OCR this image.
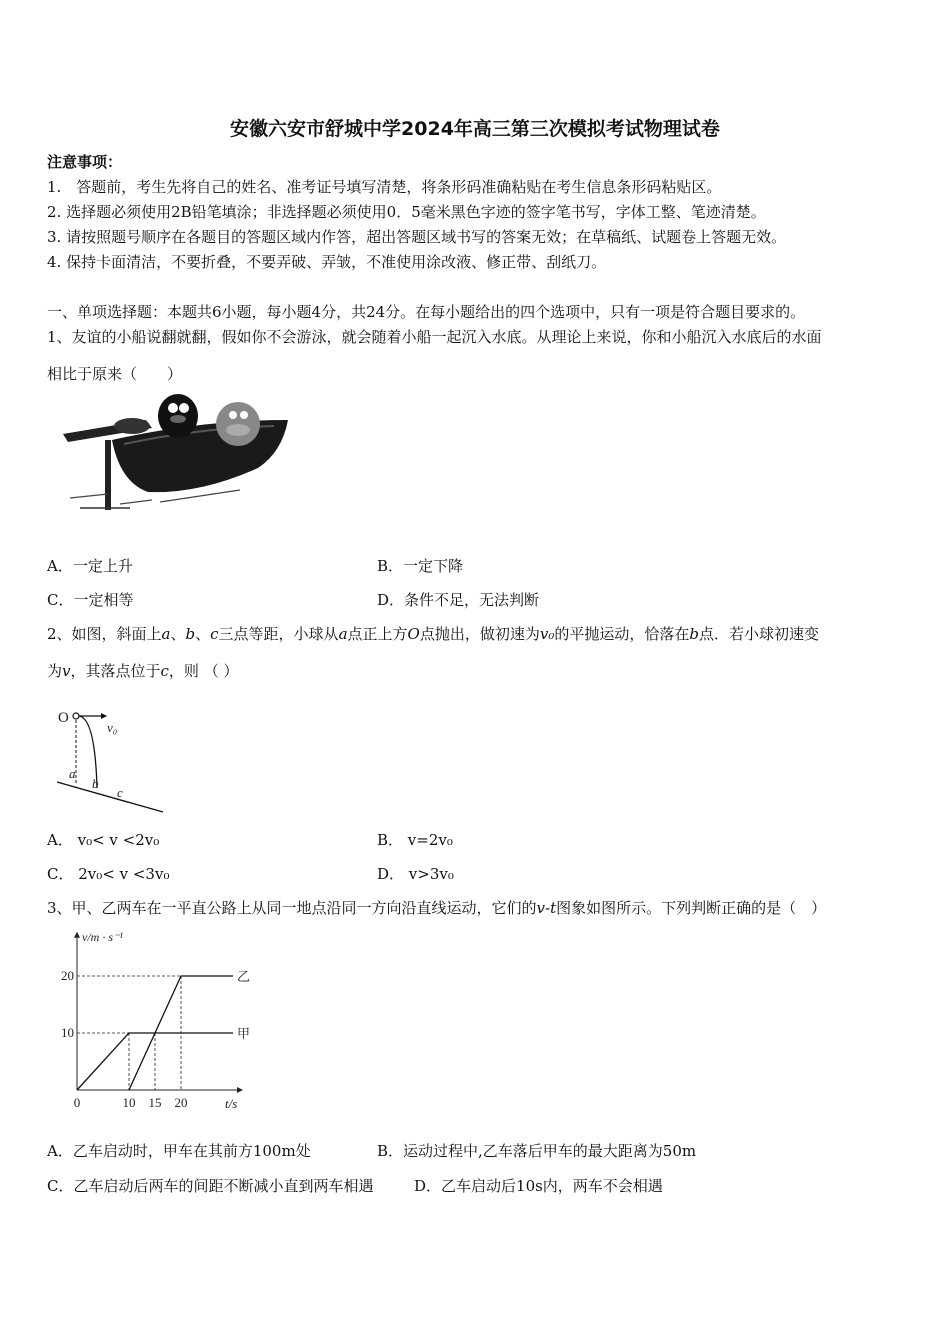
安徽六安市舒城中学2024年高三第三次模拟考试物理试卷
注意事项：
1.　答题前，考生先将自己的姓名、准考证号填写清楚，将条形码准确粘贴在考生信息条形码粘贴区。
2. 选择题必须使用2B铅笔填涂；非选择题必须使用0．5毫米黑色字迹的签字笔书写，字体工整、笔迹清楚。
3. 请按照题号顺序在各题目的答题区域内作答，超出答题区域书写的答案无效；在草稿纸、试题卷上答题无效。
4. 保持卡面清洁，不要折叠，不要弄破、弄皱，不准使用涂改液、修正带、刮纸刀。
一、单项选择题：本题共6小题，每小题4分，共24分。在每小题给出的四个选项中，只有一项是符合题目要求的。
1、友谊的小船说翻就翻，假如你不会游泳，就会随着小船一起沉入水底。从理论上来说，你和小船沉入水底后的水面
相比于原来（　　）
A．一定上升	B．一定下降
C．一定相等	D．条件不足，无法判断
2、如图，斜面上a、b、c三点等距，小球从a点正上方O点抛出，做初速为v₀的平抛运动，恰落在b点．若小球初速变
为v，其落点位于c，则 （ ）
O
v₀
a
b
c
A． v₀< v <2v₀	B． v=2v₀
C． 2v₀< v <3v₀	D． v>3v₀
3、甲、乙两车在一平直公路上从同一地点沿同一方向沿直线运动，它们的v-t图象如图所示。下列判断正确的是（　）
v/m · s⁻¹
t/s
0	10 15 20
10
20
甲
乙
A．乙车启动时，甲车在其前方100m处	B．运动过程中,乙车落后甲车的最大距离为50m
C．乙车启动后两车的间距不断减小直到两车相遇	D．乙车启动后10s内，两车不会相遇
